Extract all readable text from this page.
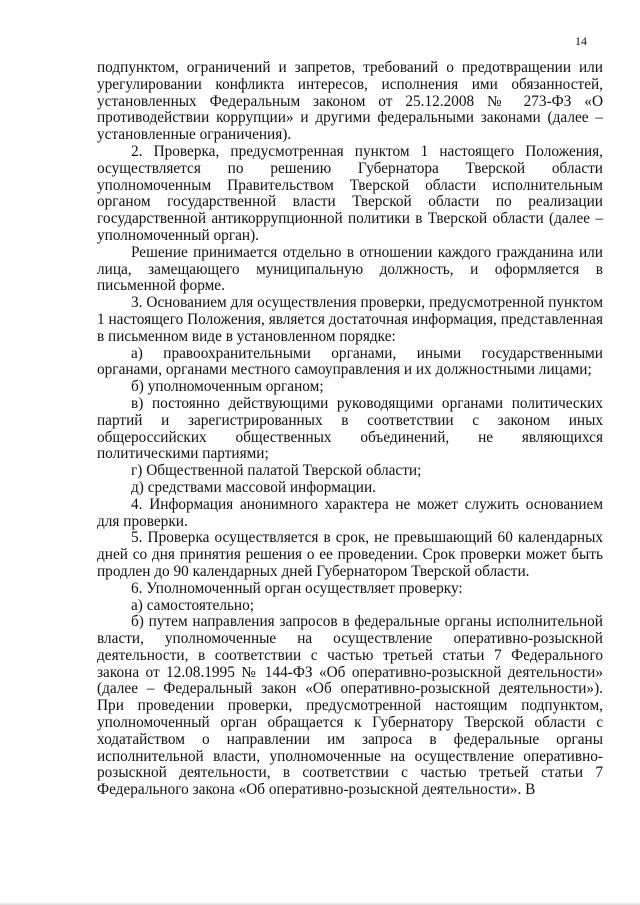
14

подпунктом, ограничений и запретов, требований о предотвращении или урегулировании конфликта интересов, исполнения ими обязанностей, установленных Федеральным законом от 25.12.2008 № 273-ФЗ «О противодействии коррупции» и другими федеральными законами (далее – установленные ограничения).

2. Проверка, предусмотренная пунктом 1 настоящего Положения, осуществляется по решению Губернатора Тверской области уполномоченным Правительством Тверской области исполнительным органом государственной власти Тверской области по реализации государственной антикоррупционной политики в Тверской области (далее – уполномоченный орган).

Решение принимается отдельно в отношении каждого гражданина или лица, замещающего муниципальную должность, и оформляется в письменной форме.

3. Основанием для осуществления проверки, предусмотренной пунктом 1 настоящего Положения, является достаточная информация, представленная в письменном виде в установленном порядке:

а) правоохранительными органами, иными государственными органами, органами местного самоуправления и их должностными лицами;

б) уполномоченным органом;

в) постоянно действующими руководящими органами политических партий и зарегистрированных в соответствии с законом иных общероссийских общественных объединений, не являющихся политическими партиями;

г) Общественной палатой Тверской области;

д) средствами массовой информации.

4. Информация анонимного характера не может служить основанием для проверки.

5. Проверка осуществляется в срок, не превышающий 60 календарных дней со дня принятия решения о ее проведении. Срок проверки может быть продлен до 90 календарных дней Губернатором Тверской области.

6. Уполномоченный орган осуществляет проверку:

а) самостоятельно;

б) путем направления запросов в федеральные органы исполнительной власти, уполномоченные на осуществление оперативно-розыскной деятельности, в соответствии с частью третьей статьи 7 Федерального закона от 12.08.1995 № 144-ФЗ «Об оперативно-розыскной деятельности» (далее – Федеральный закон «Об оперативно-розыскной деятельности»). При проведении проверки, предусмотренной настоящим подпунктом, уполномоченный орган обращается к Губернатору Тверской области с ходатайством о направлении им запроса в федеральные органы исполнительной власти, уполномоченные на осуществление оперативно-розыскной деятельности, в соответствии с частью третьей статьи 7 Федерального закона «Об оперативно-розыскной деятельности». В
